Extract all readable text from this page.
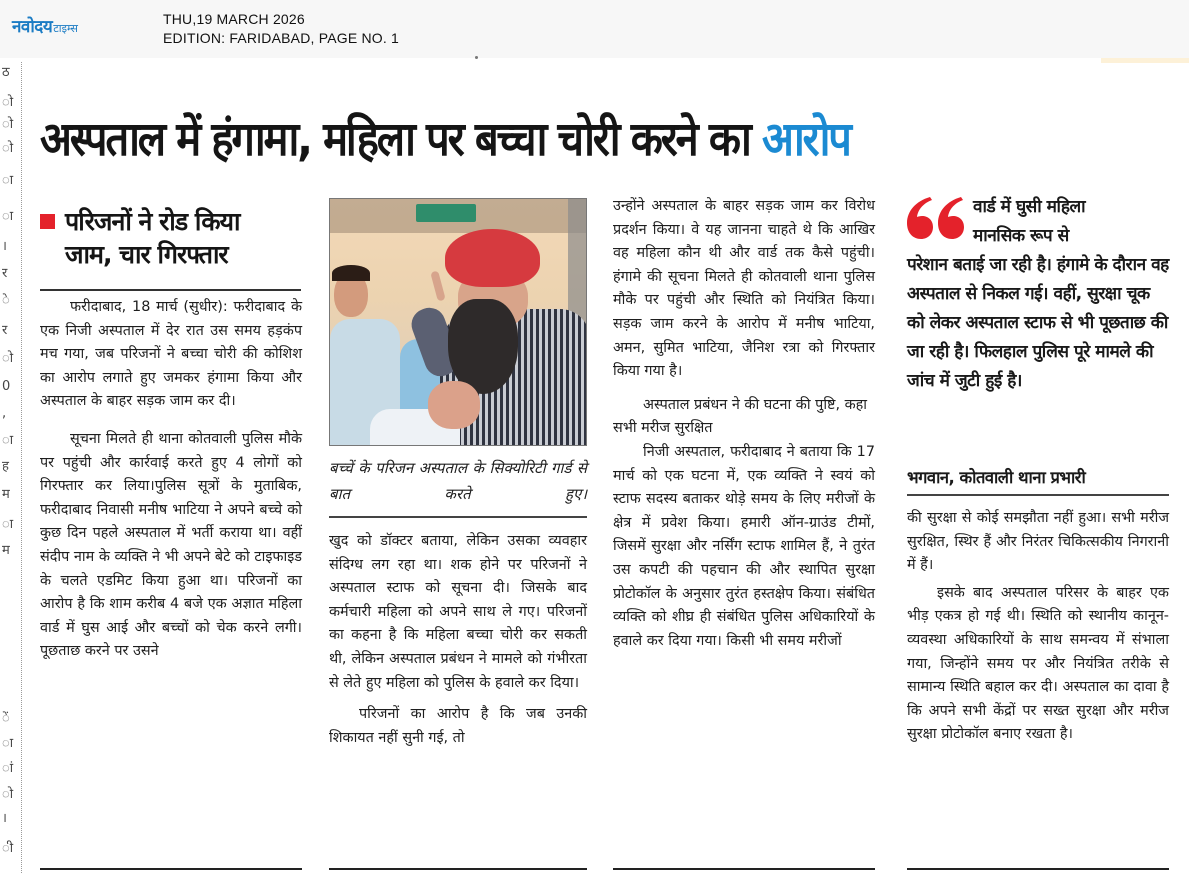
नवोदय टाइम्स
THU,19 MARCH 2026
EDITION: FARIDABAD, PAGE NO. 1
ठ
ो
ो
ो
ा
ा
।
र
े
र
ो
0
,
ा
ह
म
ा
म
ें
ा
ां
ो
।
ी
अस्पताल में हंगामा, महिला पर बच्चा चोरी करने का आरोप
परिजनों ने रोड किया
जाम, चार गिरफ्तार

फरीदाबाद, 18 मार्च (सुधीर): फरीदाबाद के एक निजी अस्पताल में देर रात उस समय हड़कंप मच गया, जब परिजनों ने बच्चा चोरी की कोशिश का आरोप लगाते हुए जमकर हंगामा किया और अस्पताल के बाहर सड़क जाम कर दी।

सूचना मिलते ही थाना कोतवाली पुलिस मौके पर पहुंची और कार्रवाई करते हुए 4 लोगों को गिरफ्तार कर लिया।पुलिस सूत्रों के मुताबिक, फरीदाबाद निवासी मनीष भाटिया ने अपने बच्चे को कुछ दिन पहले अस्पताल में भर्ती कराया था। वहीं संदीप नाम के व्यक्ति ने भी अपने बेटे को टाइफाइड के चलते एडमिट किया हुआ था। परिजनों का आरोप है कि शाम करीब 4 बजे एक अज्ञात महिला वार्ड में घुस आई और बच्चों को चेक करने लगी। पूछताछ करने पर उसने

बच्चें के परिजन अस्पताल के सिक्योरिटी गार्ड से बात करते हुए।

खुद को डॉक्टर बताया, लेकिन उसका व्यवहार संदिग्ध लग रहा था। शक होने पर परिजनों ने अस्पताल स्टाफ को सूचना दी। जिसके बाद कर्मचारी महिला को अपने साथ ले गए। परिजनों का कहना है कि महिला बच्चा चोरी कर सकती थी, लेकिन अस्पताल प्रबंधन ने मामले को गंभीरता से लेते हुए महिला को पुलिस के हवाले कर दिया।

परिजनों का आरोप है कि जब उनकी शिकायत नहीं सुनी गई, तो

उन्होंने अस्पताल के बाहर सड़क जाम कर विरोध प्रदर्शन किया। वे यह जानना चाहते थे कि आखिर वह महिला कौन थी और वार्ड तक कैसे पहुंची। हंगामे की सूचना मिलते ही कोतवाली थाना पुलिस मौके पर पहुंची और स्थिति को नियंत्रित किया। सड़क जाम करने के आरोप में मनीष भाटिया, अमन, सुमित भाटिया, जैनिश रत्रा को गिरफ्तार किया गया है।

अस्पताल प्रबंधन ने की घटना की पुष्टि, कहा सभी मरीज सुरक्षित

निजी अस्पताल, फरीदाबाद ने बताया कि 17 मार्च को एक घटना में, एक व्यक्ति ने स्वयं को स्टाफ सदस्य बताकर थोड़े समय के लिए मरीजों के क्षेत्र में प्रवेश किया। हमारी ऑन-ग्राउंड टीमों, जिसमें सुरक्षा और नर्सिंग स्टाफ शामिल हैं, ने तुरंत उस कपटी की पहचान की और स्थापित सुरक्षा प्रोटोकॉल के अनुसार तुरंत हस्तक्षेप किया। संबंधित व्यक्ति को शीघ्र ही संबंधित पुलिस अधिकारियों के हवाले कर दिया गया। किसी भी समय मरीजों

वार्ड में घुसी महिला
मानसिक रूप से
परेशान बताई जा रही है। हंगामे के दौरान वह अस्पताल से निकल गई। वहीं, सुरक्षा चूक को लेकर अस्पताल स्टाफ से भी पूछताछ की जा रही है। फिलहाल पुलिस पूरे मामले की जांच में जुटी हुई है।
भगवान, कोतवाली थाना प्रभारी

की सुरक्षा से कोई समझौता नहीं हुआ। सभी मरीज सुरक्षित, स्थिर हैं और निरंतर चिकित्सकीय निगरानी में हैं।

इसके बाद अस्पताल परिसर के बाहर एक भीड़ एकत्र हो गई थी। स्थिति को स्थानीय कानून-व्यवस्था अधिकारियों के साथ समन्वय में संभाला गया, जिन्होंने समय पर और नियंत्रित तरीके से सामान्य स्थिति बहाल कर दी। अस्पताल का दावा है कि अपने सभी केंद्रों पर सख्त सुरक्षा और मरीज सुरक्षा प्रोटोकॉल बनाए रखता है।
